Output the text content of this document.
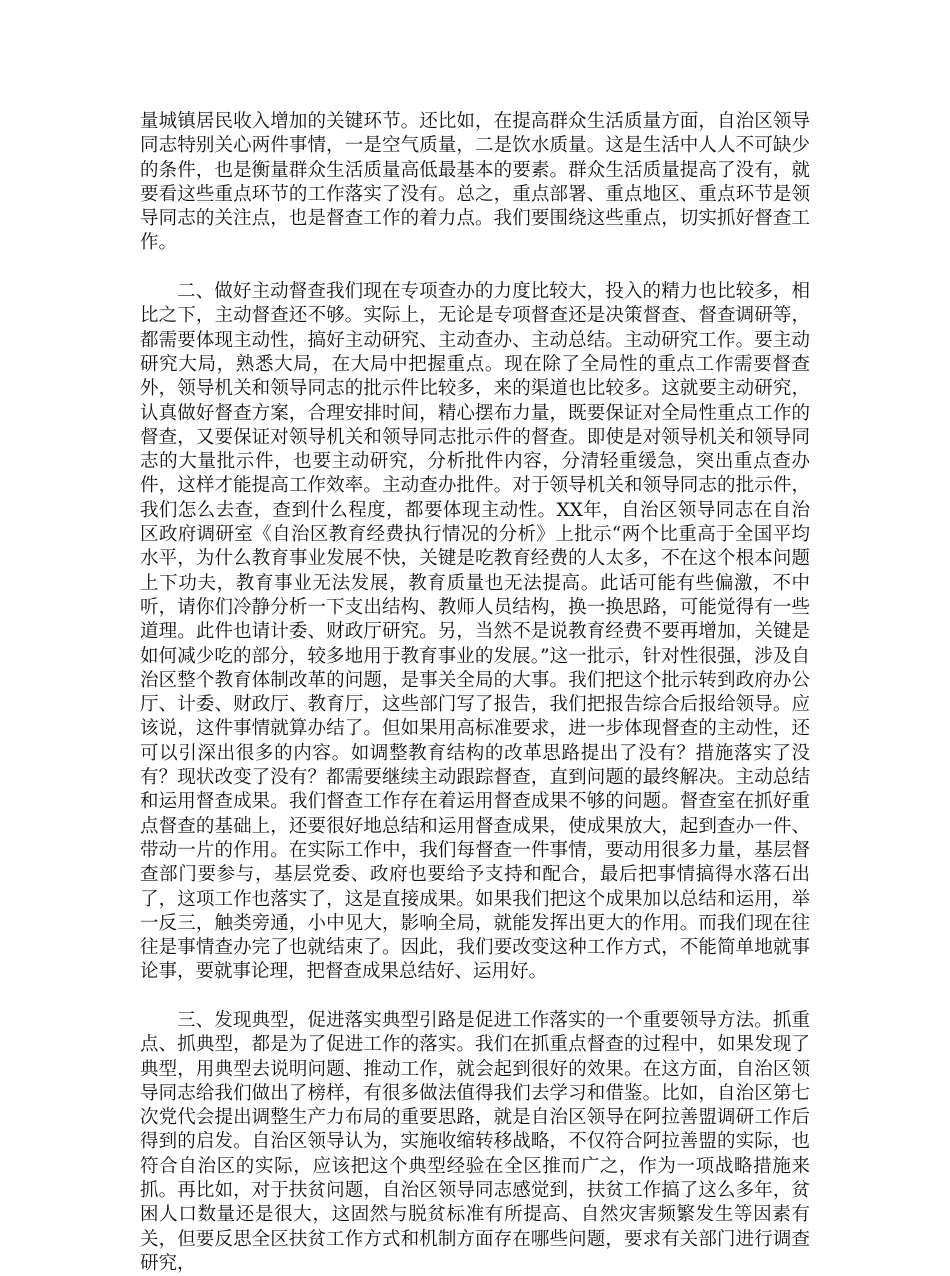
量城镇居民收入增加的关键环节。还比如，在提高群众生活质量方面，自治区领导同志特别关心两件事情，一是空气质量，二是饮水质量。这是生活中人人不可缺少的条件，也是衡量群众生活质量高低最基本的要素。群众生活质量提高了没有，就要看这些重点环节的工作落实了没有。总之，重点部署、重点地区、重点环节是领导同志的关注点，也是督查工作的着力点。我们要围绕这些重点，切实抓好督查工作。

二、做好主动督查我们现在专项查办的力度比较大，投入的精力也比较多，相比之下，主动督查还不够。实际上，无论是专项督查还是决策督查、督查调研等，都需要体现主动性，搞好主动研究、主动查办、主动总结。主动研究工作。要主动研究大局，熟悉大局，在大局中把握重点。现在除了全局性的重点工作需要督查外，领导机关和领导同志的批示件比较多，来的渠道也比较多。这就要主动研究，认真做好督查方案，合理安排时间，精心摆布力量，既要保证对全局性重点工作的督查，又要保证对领导机关和领导同志批示件的督查。即使是对领导机关和领导同志的大量批示件，也要主动研究，分析批件内容，分清轻重缓急，突出重点查办件，这样才能提高工作效率。主动查办批件。对于领导机关和领导同志的批示件，我们怎么去查，查到什么程度，都要体现主动性。XX年，自治区领导同志在自治区政府调研室《自治区教育经费执行情况的分析》上批示“两个比重高于全国平均水平，为什么教育事业发展不快，关键是吃教育经费的人太多，不在这个根本问题上下功夫，教育事业无法发展，教育质量也无法提高。此话可能有些偏激，不中听，请你们冷静分析一下支出结构、教师人员结构，换一换思路，可能觉得有一些道理。此件也请计委、财政厅研究。另，当然不是说教育经费不要再增加，关键是如何减少吃的部分，较多地用于教育事业的发展。”这一批示，针对性很强，涉及自治区整个教育体制改革的问题，是事关全局的大事。我们把这个批示转到政府办公厅、计委、财政厅、教育厅，这些部门写了报告，我们把报告综合后报给领导。应该说，这件事情就算办结了。但如果用高标准要求，进一步体现督查的主动性，还可以引深出很多的内容。如调整教育结构的改革思路提出了没有？措施落实了没有？现状改变了没有？都需要继续主动跟踪督查，直到问题的最终解决。主动总结和运用督查成果。我们督查工作存在着运用督查成果不够的问题。督查室在抓好重点督查的基础上，还要很好地总结和运用督查成果，使成果放大，起到查办一件、带动一片的作用。在实际工作中，我们每督查一件事情，要动用很多力量，基层督查部门要参与，基层党委、政府也要给予支持和配合，最后把事情搞得水落石出了，这项工作也落实了，这是直接成果。如果我们把这个成果加以总结和运用，举一反三，触类旁通，小中见大，影响全局，就能发挥出更大的作用。而我们现在往往是事情查办完了也就结束了。因此，我们要改变这种工作方式，不能简单地就事论事，要就事论理，把督查成果总结好、运用好。

三、发现典型，促进落实典型引路是促进工作落实的一个重要领导方法。抓重点、抓典型，都是为了促进工作的落实。我们在抓重点督查的过程中，如果发现了典型，用典型去说明问题、推动工作，就会起到很好的效果。在这方面，自治区领导同志给我们做出了榜样，有很多做法值得我们去学习和借鉴。比如，自治区第七次党代会提出调整生产力布局的重要思路，就是自治区领导在阿拉善盟调研工作后得到的启发。自治区领导认为，实施收缩转移战略，不仅符合阿拉善盟的实际，也符合自治区的实际，应该把这个典型经验在全区推而广之，作为一项战略措施来抓。再比如，对于扶贫问题，自治区领导同志感觉到，扶贫工作搞了这么多年，贫困人口数量还是很大，这固然与脱贫标准有所提高、自然灾害频繁发生等因素有关，但要反思全区扶贫工作方式和机制方面存在哪些问题，要求有关部门进行调查研究，
